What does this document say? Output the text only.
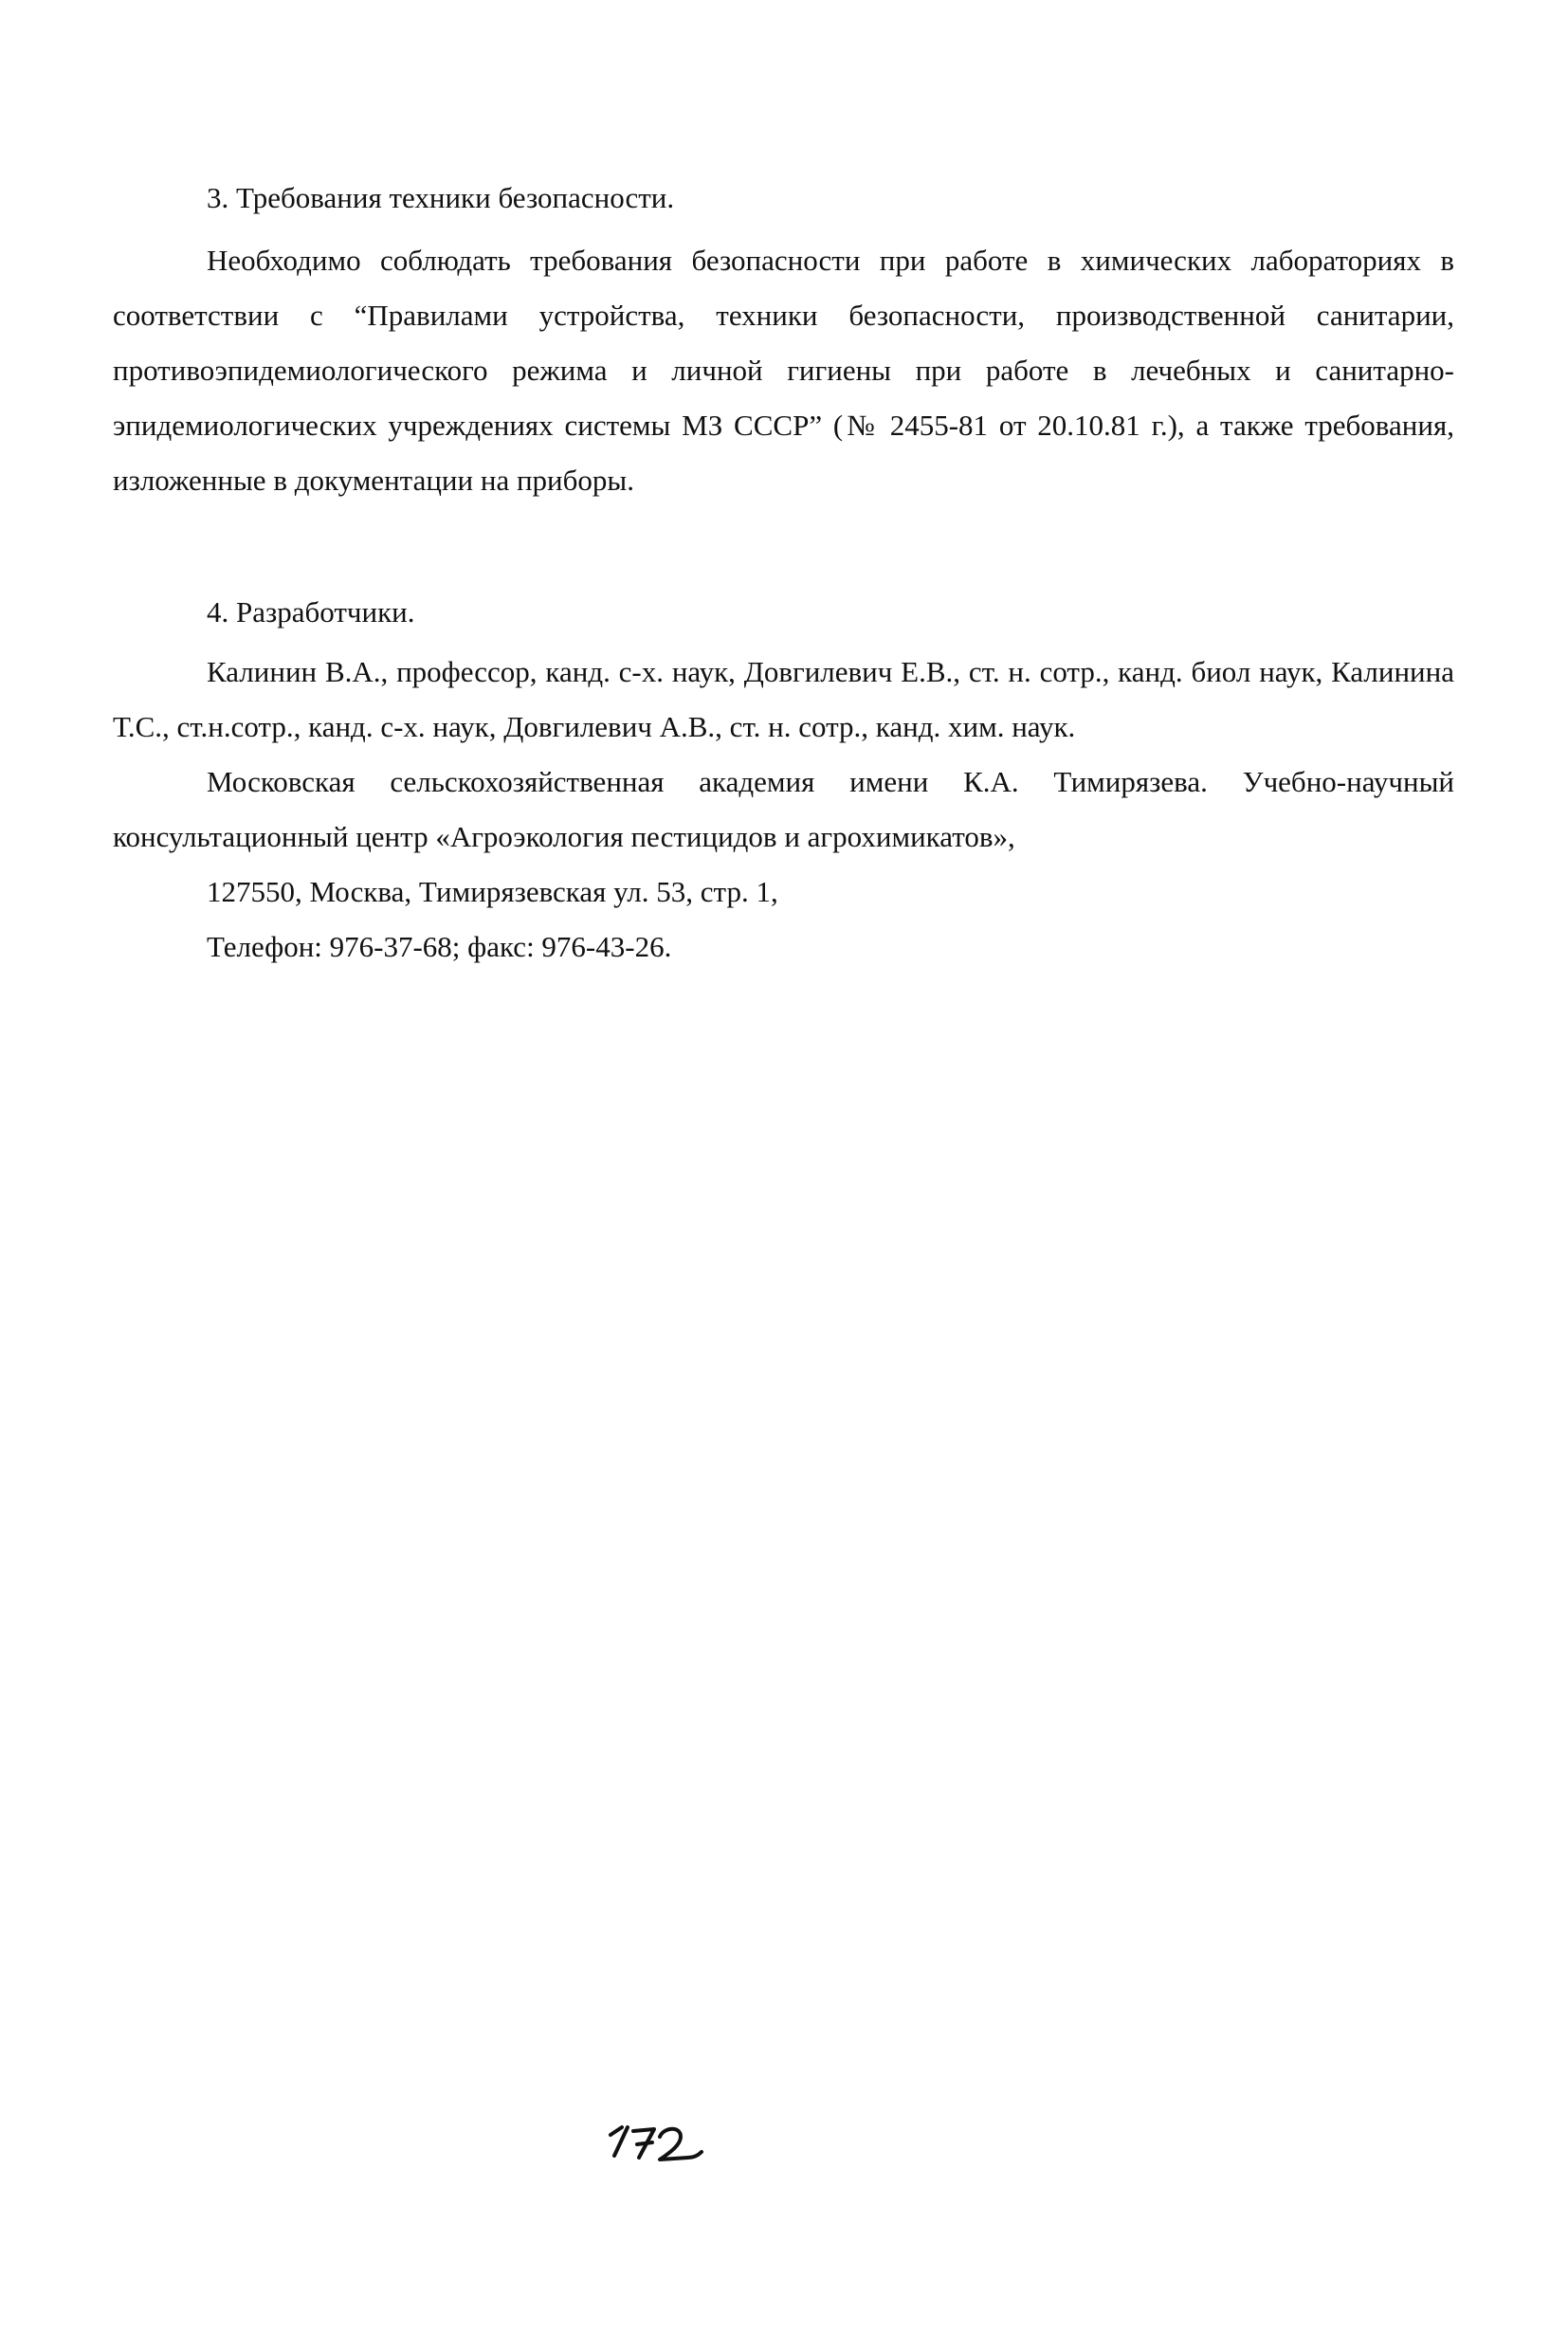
3. Требования техники безопасности.

Необходимо соблюдать требования безопасности при работе в химических лабораториях в соответствии с “Правилами устройства, техники безопасности, производственной санитарии, противоэпидемиологического режима и личной гигиены при работе в лечебных и санитарно-эпидемиологических учреждениях системы МЗ СССР” (№ 2455-81 от 20.10.81 г.), а также требования, изложенные в документации на приборы.

4. Разработчики.

Калинин В.А., профессор, канд. с-х. наук, Довгилевич Е.В., ст. н. сотр., канд. биол наук, Калинина Т.С., ст.н.сотр., канд. с-х. наук, Довгилевич А.В., ст. н. сотр., канд. хим. наук.

Московская сельскохозяйственная академия имени К.А. Тимирязева. Учебно-научный консультационный центр «Агроэкология пестицидов и агрохимикатов»,

127550, Москва, Тимирязевская ул. 53, стр. 1,

Телефон: 976-37-68; факс: 976-43-26.
